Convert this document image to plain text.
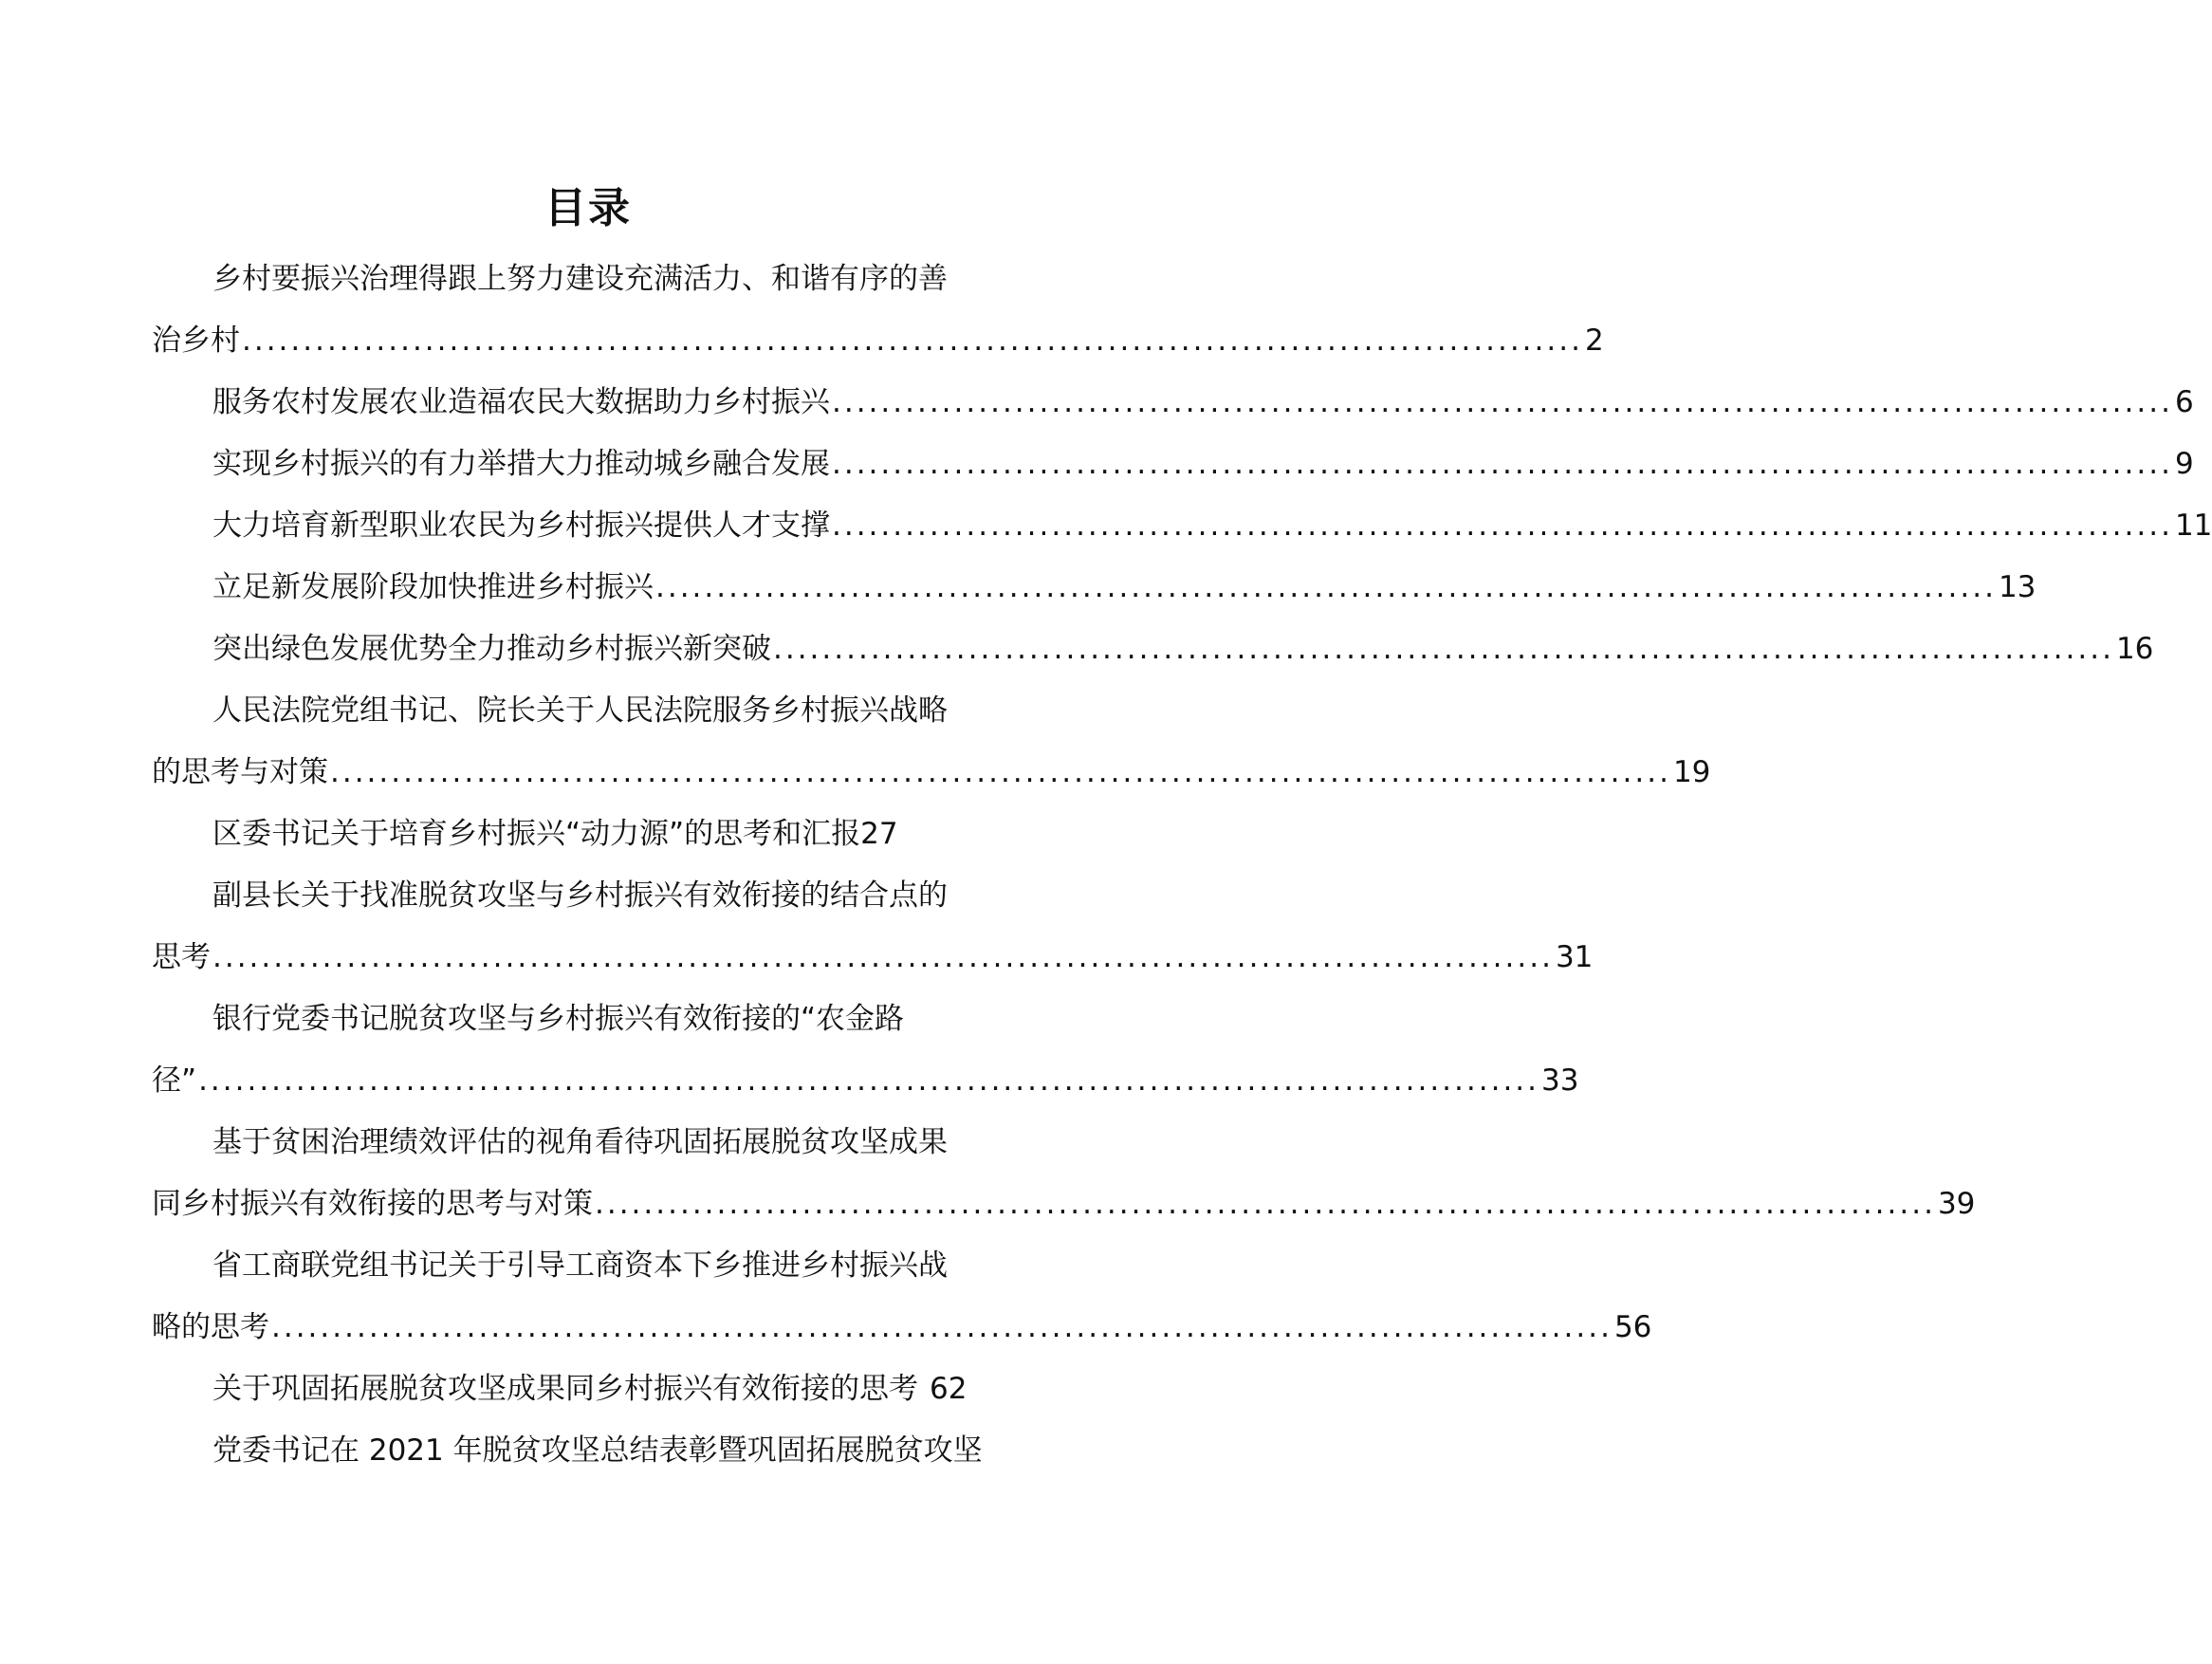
目录
乡村要振兴治理得跟上努力建设充满活力、和谐有序的善
治乡村 .............................................................................................................. 2
服务农村发展农业造福农民大数据助力乡村振兴 .............................................................................................................. 6
实现乡村振兴的有力举措大力推动城乡融合发展 .............................................................................................................. 9
大力培育新型职业农民为乡村振兴提供人才支撑 .............................................................................................................. 11
立足新发展阶段加快推进乡村振兴 .............................................................................................................. 13
突出绿色发展优势全力推动乡村振兴新突破 .............................................................................................................. 16
人民法院党组书记、院长关于人民法院服务乡村振兴战略
的思考与对策 .............................................................................................................. 19
区委书记关于培育乡村振兴“动力源”的思考和汇报 27
副县长关于找准脱贫攻坚与乡村振兴有效衔接的结合点的
思考 .............................................................................................................. 31
银行党委书记脱贫攻坚与乡村振兴有效衔接的“农金路
径” .............................................................................................................. 33
基于贫困治理绩效评估的视角看待巩固拓展脱贫攻坚成果
同乡村振兴有效衔接的思考与对策 .............................................................................................................. 39
省工商联党组书记关于引导工商资本下乡推进乡村振兴战
略的思考 .............................................................................................................. 56
关于巩固拓展脱贫攻坚成果同乡村振兴有效衔接的思考 62
党委书记在 2021 年脱贫攻坚总结表彰暨巩固拓展脱贫攻坚
